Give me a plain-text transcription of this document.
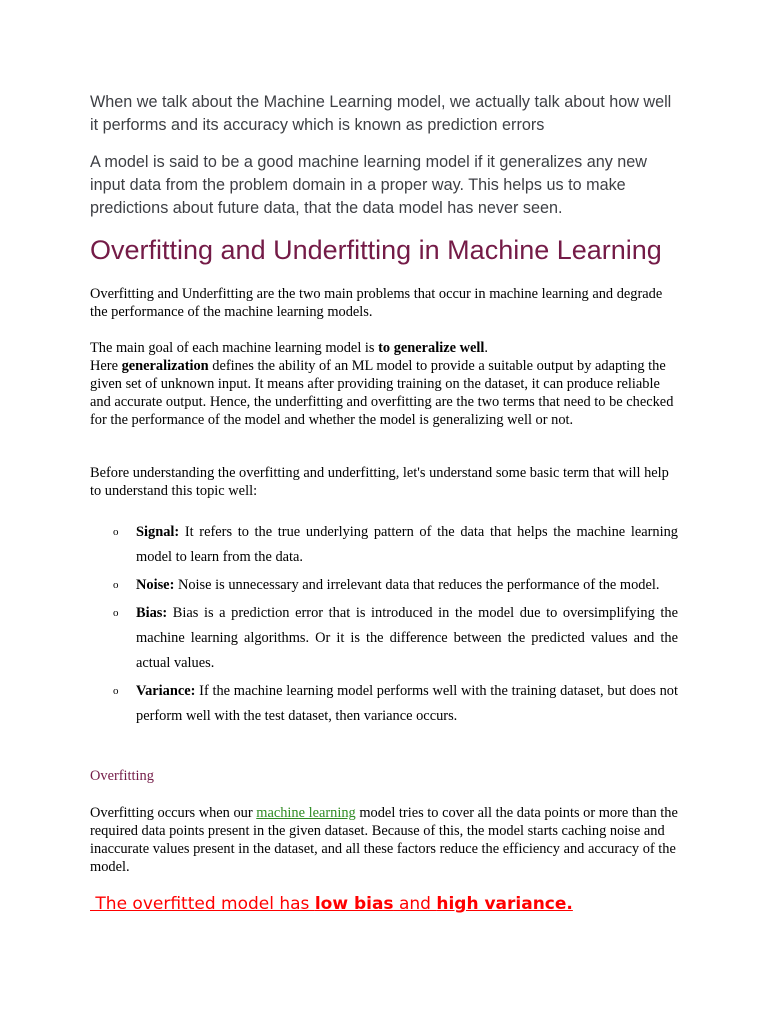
When we talk about the Machine Learning model, we actually talk about how well it performs and its accuracy which is known as prediction errors

A model is said to be a good machine learning model if it generalizes any new input data from the problem domain in a proper way. This helps us to make predictions about future data, that the data model has never seen.

Overfitting and Underfitting in Machine Learning

Overfitting and Underfitting are the two main problems that occur in machine learning and degrade the performance of the machine learning models.

The main goal of each machine learning model is to generalize well.
Here generalization defines the ability of an ML model to provide a suitable output by adapting the given set of unknown input. It means after providing training on the dataset, it can produce reliable and accurate output. Hence, the underfitting and overfitting are the two terms that need to be checked for the performance of the model and whether the model is generalizing well or not.

Before understanding the overfitting and underfitting, let's understand some basic term that will help to understand this topic well:

o Signal: It refers to the true underlying pattern of the data that helps the machine learning model to learn from the data.
o Noise: Noise is unnecessary and irrelevant data that reduces the performance of the model.
o Bias: Bias is a prediction error that is introduced in the model due to oversimplifying the machine learning algorithms. Or it is the difference between the predicted values and the actual values.
o Variance: If the machine learning model performs well with the training dataset, but does not perform well with the test dataset, then variance occurs.

Overfitting

Overfitting occurs when our machine learning model tries to cover all the data points or more than the required data points present in the given dataset. Because of this, the model starts caching noise and inaccurate values present in the dataset, and all these factors reduce the efficiency and accuracy of the model.

The overfitted model has low bias and high variance.
